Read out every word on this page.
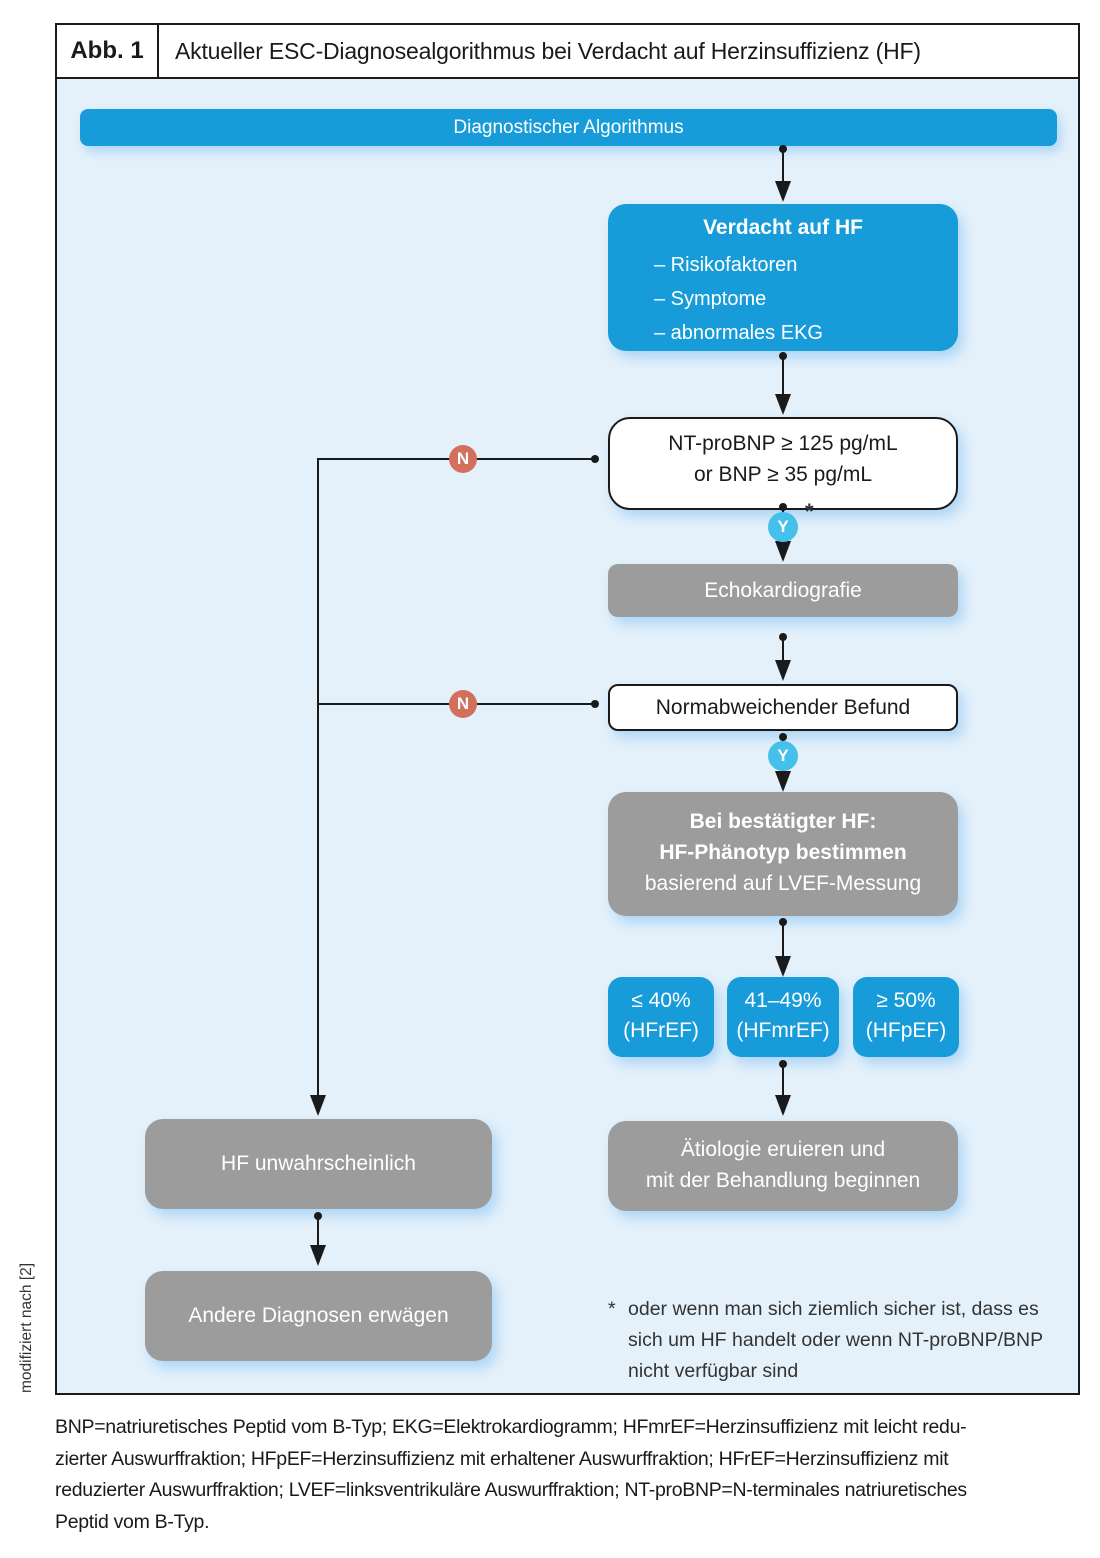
Abb. 1	Aktueller ESC-Diagnosealgorithmus bei Verdacht auf Herzinsuffizienz (HF)
Diagnostischer Algorithmus
Verdacht auf HF
– Risikofaktoren
– Symptome
– abnormales EKG
NT-proBNP ≥ 125 pg/mL
or BNP ≥ 35 pg/mL
Y
*
Echokardiografie
Normabweichender Befund
Y
Bei bestätigter HF:
HF-Phänotyp bestimmen
basierend auf LVEF-Messung
≤ 40%
(HFrEF)
41–49%
(HFmrEF)
≥ 50%
(HFpEF)
Ätiologie eruieren und
mit der Behandlung beginnen
N
N
HF unwahrscheinlich
Andere Diagnosen erwägen	* oder wenn man sich ziemlich sicher ist, dass es
sich um HF handelt oder wenn NT-proBNP/BNP
nicht verfügbar sind
modifiziert nach [2]
BNP=natriuretisches Peptid vom B-Typ; EKG=Elektrokardiogramm; HFmrEF=Herzinsuffizienz mit leicht redu-
zierter Auswurffraktion; HFpEF=Herzinsuffizienz mit erhaltener Auswurffraktion; HFrEF=Herzinsuffizienz mit
reduzierter Auswurffraktion; LVEF=linksventrikuläre Auswurffraktion; NT-proBNP=N-terminales natriuretisches
Peptid vom B-Typ.
